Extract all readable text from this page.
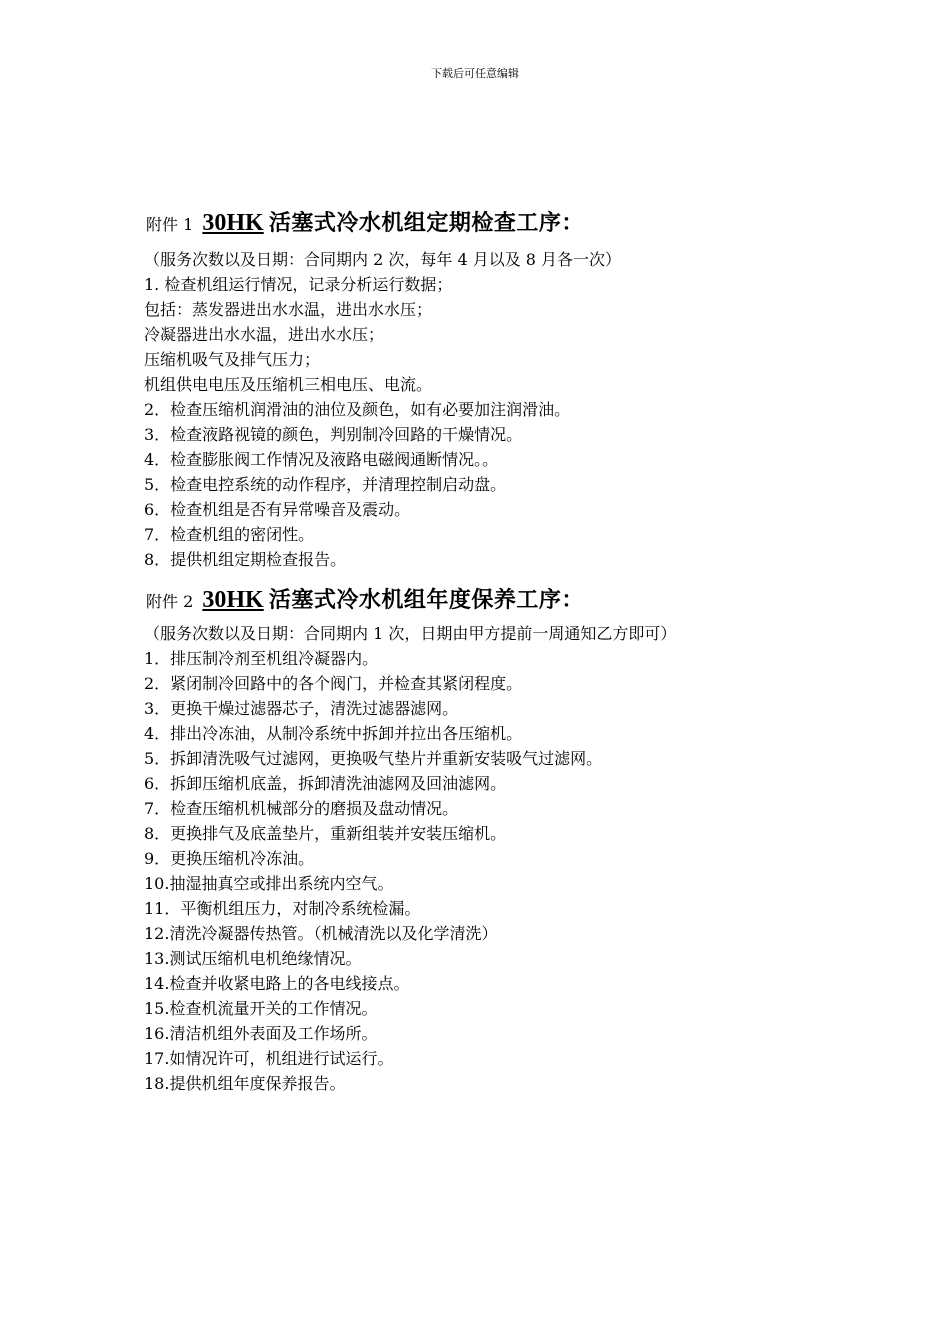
下载后可任意编辑
附件 1 30HK 活塞式冷水机组定期检查工序：
（服务次数以及日期：合同期内 2 次，每年 4 月以及 8 月各一次）
1. 检查机组运行情况，记录分析运行数据；
包括：蒸发器进出水水温，进出水水压；
冷凝器进出水水温，进出水水压；
压缩机吸气及排气压力；
机组供电电压及压缩机三相电压、电流。
2．检查压缩机润滑油的油位及颜色，如有必要加注润滑油。
3．检查液路视镜的颜色，判别制冷回路的干燥情况。
4．检查膨胀阀工作情况及液路电磁阀通断情况。。
5．检查电控系统的动作程序，并清理控制启动盘。
6．检查机组是否有异常噪音及震动。
7．检查机组的密闭性。
8．提供机组定期检查报告。
附件 2 30HK 活塞式冷水机组年度保养工序：
（服务次数以及日期：合同期内 1 次，日期由甲方提前一周通知乙方即可）
1．排压制冷剂至机组冷凝器内。
2．紧闭制冷回路中的各个阀门，并检查其紧闭程度。
3．更换干燥过滤器芯子，清洗过滤器滤网。
4．排出冷冻油，从制冷系统中拆卸并拉出各压缩机。
5．拆卸清洗吸气过滤网，更换吸气垫片并重新安装吸气过滤网。
6．拆卸压缩机底盖，拆卸清洗油滤网及回油滤网。
7．检查压缩机机械部分的磨损及盘动情况。
8．更换排气及底盖垫片，重新组装并安装压缩机。
9．更换压缩机冷冻油。
10.抽湿抽真空或排出系统内空气。
11．平衡机组压力，对制冷系统检漏。
12.清洗冷凝器传热管。（机械清洗以及化学清洗）
13.测试压缩机电机绝缘情况。
14.检查并收紧电路上的各电线接点。
15.检查机流量开关的工作情况。
16.清洁机组外表面及工作场所。
17.如情况许可，机组进行试运行。
18.提供机组年度保养报告。
